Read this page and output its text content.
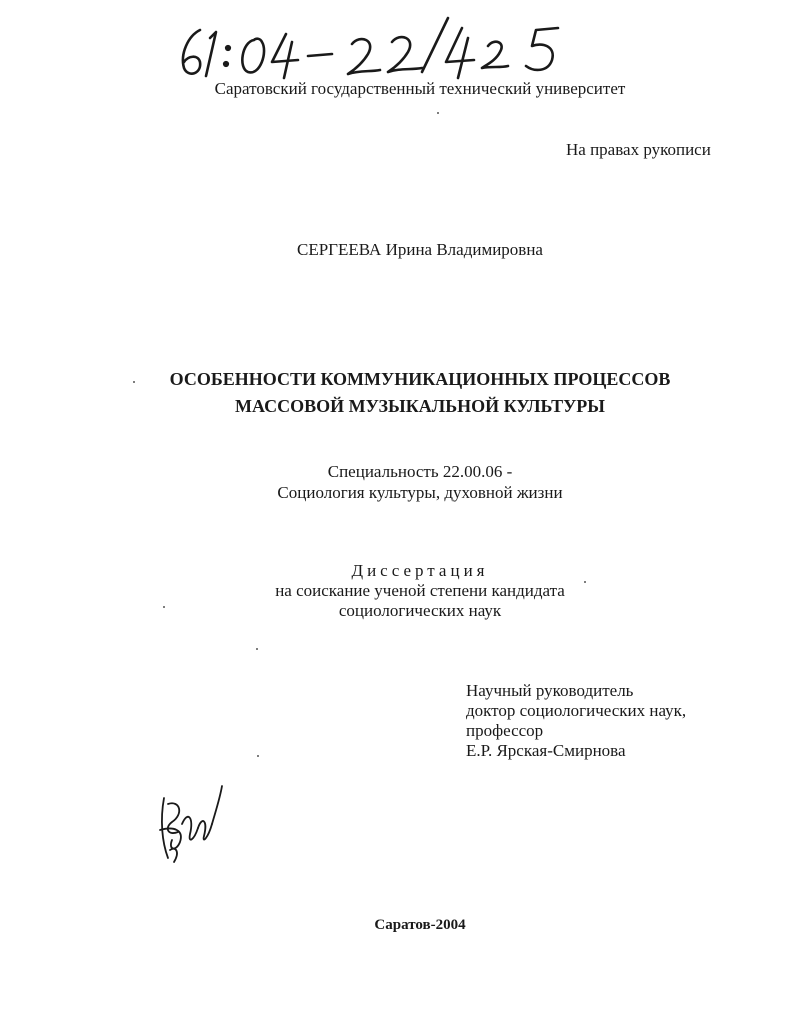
Саратовский государственный технический университет
На правах рукописи
СЕРГЕЕВА Ирина Владимировна
ОСОБЕННОСТИ КОММУНИКАЦИОННЫХ ПРОЦЕССОВ
МАССОВОЙ МУЗЫКАЛЬНОЙ КУЛЬТУРЫ
Специальность 22.00.06 -
Социология культуры, духовной жизни
Диссертация
на соискание ученой степени кандидата
социологических наук
Научный руководитель
доктор социологических наук,
профессор
Е.Р. Ярская-Смирнова
Саратов-2004
